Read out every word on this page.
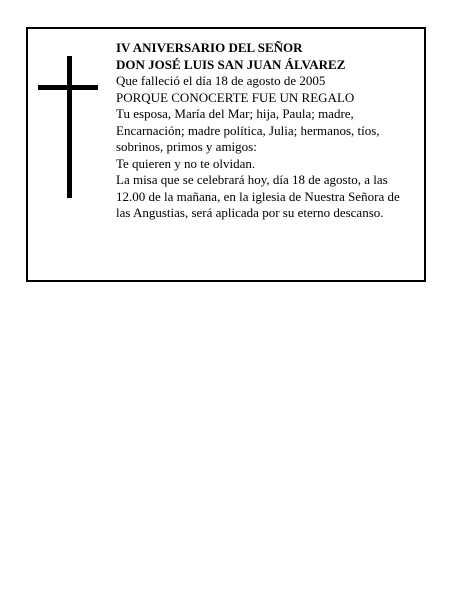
IV ANIVERSARIO DEL SEÑOR
DON JOSÉ LUIS SAN JUAN ÁLVAREZ
Que falleció el día 18 de agosto de 2005
PORQUE CONOCERTE FUE UN REGALO
Tu esposa, María del Mar; hija, Paula; madre,
Encarnación; madre política, Julia; hermanos, tíos,
sobrinos, primos y amigos:
Te quieren y no te olvidan.
La misa que se celebrará hoy, día 18 de agosto, a las
12.00 de la mañana, en la iglesia de Nuestra Señora de
las Angustias, será aplicada por su eterno descanso.
